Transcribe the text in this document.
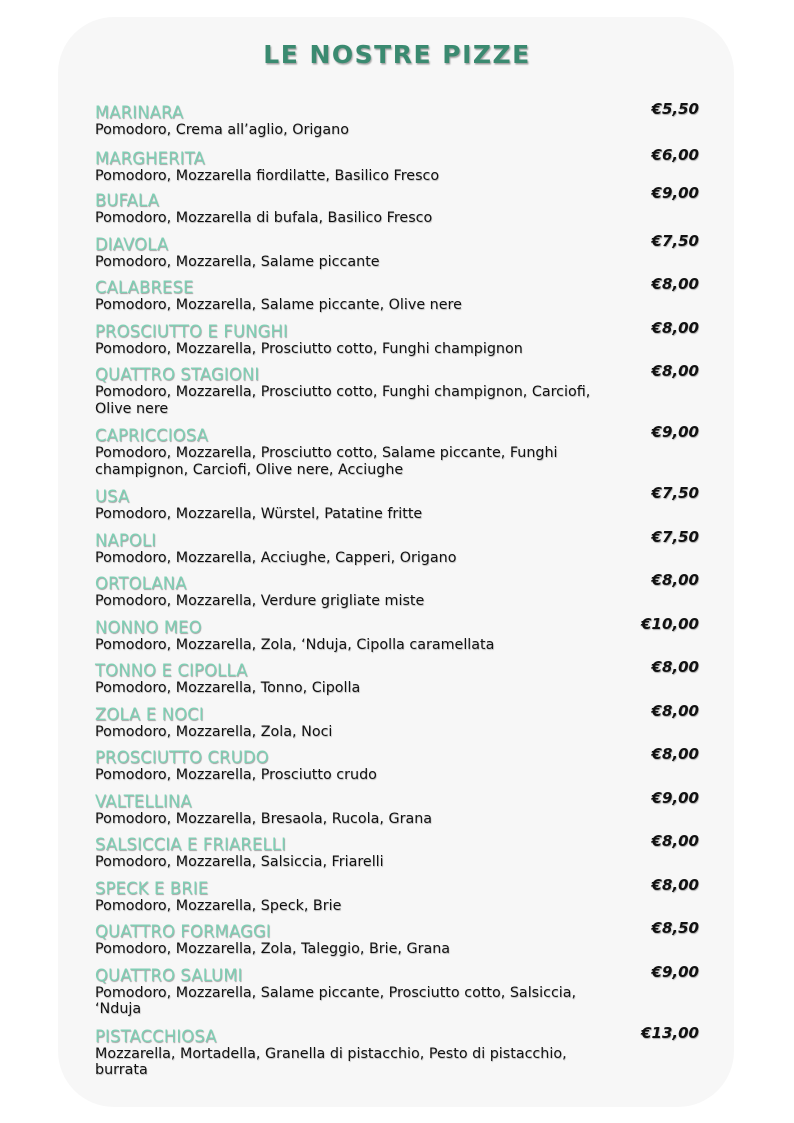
LE NOSTRE PIZZE
MARINARA
Pomodoro, Crema all’aglio, Origano
€5,50
MARGHERITA
Pomodoro, Mozzarella fiordilatte, Basilico Fresco
€6,00
BUFALA
Pomodoro, Mozzarella di bufala, Basilico Fresco
€9,00
DIAVOLA
Pomodoro, Mozzarella, Salame piccante
€7,50
CALABRESE
Pomodoro, Mozzarella, Salame piccante, Olive nere
€8,00
PROSCIUTTO E FUNGHI
Pomodoro, Mozzarella, Prosciutto cotto, Funghi champignon
€8,00
QUATTRO STAGIONI
Pomodoro, Mozzarella, Prosciutto cotto, Funghi champignon, Carciofi, Olive nere
€8,00
CAPRICCIOSA
Pomodoro, Mozzarella, Prosciutto cotto, Salame piccante, Funghi champignon, Carciofi, Olive nere, Acciughe
€9,00
USA
Pomodoro, Mozzarella, Würstel, Patatine fritte
€7,50
NAPOLI
Pomodoro, Mozzarella, Acciughe, Capperi, Origano
€7,50
ORTOLANA
Pomodoro, Mozzarella, Verdure grigliate miste
€8,00
NONNO MEO
Pomodoro, Mozzarella, Zola, ‘Nduja, Cipolla caramellata
€10,00
TONNO E CIPOLLA
Pomodoro, Mozzarella, Tonno, Cipolla
€8,00
ZOLA E NOCI
Pomodoro, Mozzarella, Zola, Noci
€8,00
PROSCIUTTO CRUDO
Pomodoro, Mozzarella, Prosciutto crudo
€8,00
VALTELLINA
Pomodoro, Mozzarella, Bresaola, Rucola, Grana
€9,00
SALSICCIA E FRIARELLI
Pomodoro, Mozzarella, Salsiccia, Friarelli
€8,00
SPECK E BRIE
Pomodoro, Mozzarella, Speck, Brie
€8,00
QUATTRO FORMAGGI
Pomodoro, Mozzarella, Zola, Taleggio, Brie, Grana
€8,50
QUATTRO SALUMI
Pomodoro, Mozzarella, Salame piccante, Prosciutto cotto, Salsiccia, ‘Nduja
€9,00
PISTACCHIOSA
Mozzarella, Mortadella, Granella di pistacchio, Pesto di pistacchio, burrata
€13,00
